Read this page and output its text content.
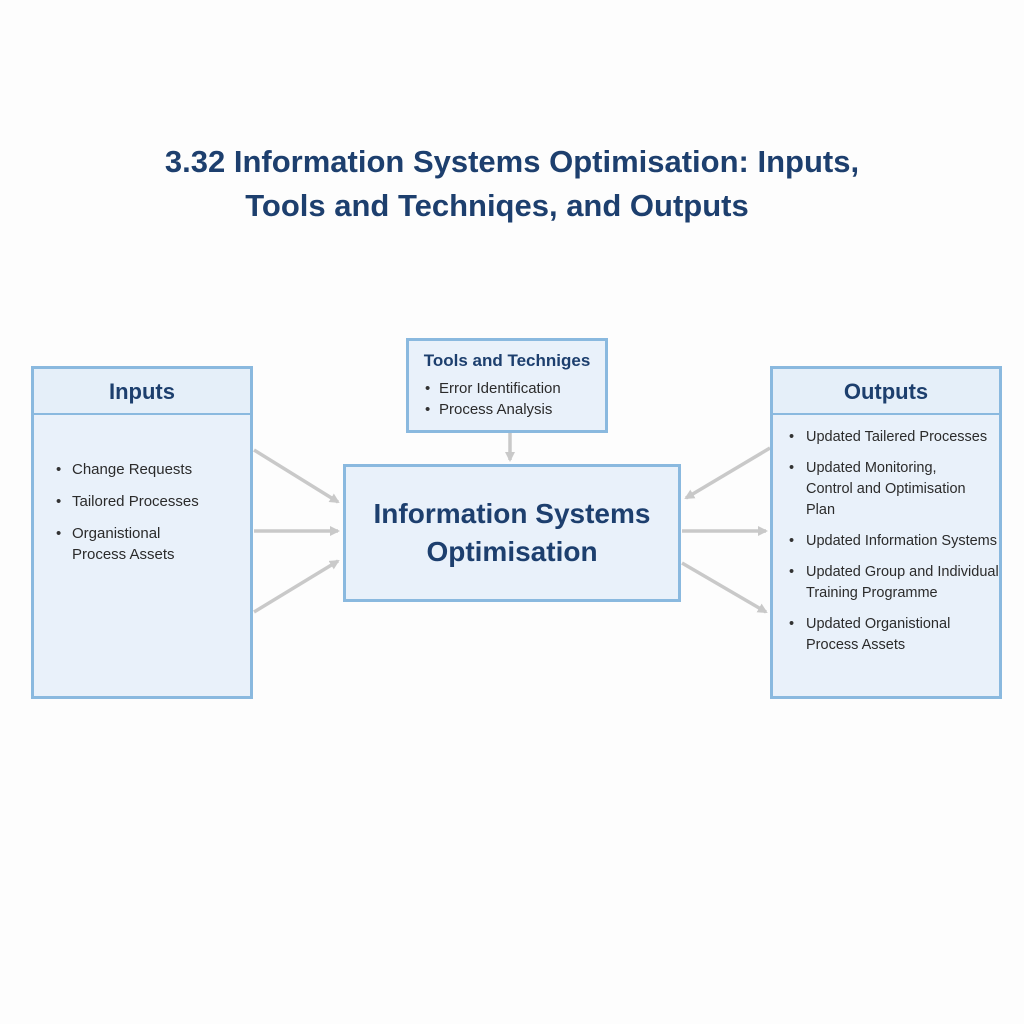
3.32 Information Systems Optimisation: Inputs,
Tools and Techniqes, and Outputs
Inputs
• Change Requests
• Tailored Processes
• Organistional Process Assets
Tools and Techniges
• Error Identification
• Process Analysis
Information Systems Optimisation
Outputs
• Updated Tailered Processes
• Updated Monitoring, Control and Optimisation Plan
• Updated Information Systems
• Updated Group and Individual Training Programme
• Updated Organistional Process Assets
